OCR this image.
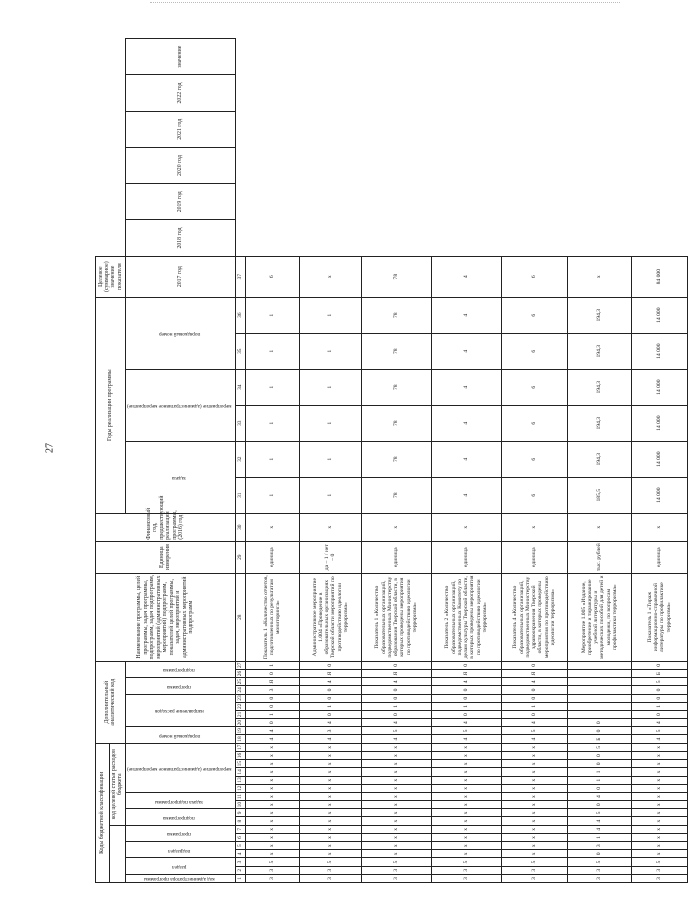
27
Коды бюджетной классификации																	Дополнительный аналитический код										Наименование программы, целей программы, задач программы, подпрограмм, задач подпрограмм, мероприятий (административных мероприятий) подпрограмм, показателей целей программы, задач, мероприятий и административных мероприятий подпрограмм	Единица измерения	Финансовый год, предшествующий реализации программы, (2016) год	Годы реализации программы						Целевое (суммарное) значение показателя						
							код целевой статьи расходов бюджета																																			
код администратора программы	раздел		подраздел		программа		подпрограмма		задача подпрограммы		мероприятие (административное мероприятие)						порядковый номер		направление расходов				программа		подпрограмма					задача		мероприятие (административное мероприятие)		порядковый номер		2017 год	2018 год	2019 год	2020 год	2021 год	2022 год	значение
1	2	3	4	5	6	7	8	9	10	11	12	13	14	15	16	17	18	19	20	21	22	23	24	25	26	27	28	29	30	31	32	33	34	35	36	37						
3	3	5	х	х	х	х	х	х	х	х	х	х	х	х	х	х	4	4	0	1	0	0	3	Я	0	1	Показатель 1 «Количество отчетов, подготовленных по результатам мониторинга»	единица	х	1	1	1	1	1	1	6						
3	3	5	х	х	х	х	х	х	х	х	х	х	х	х	х	х	4	3	4	0	1	0	0	4	Я	0	Административное мероприятие 1.004 «Проведение в образовательных организациях Тверской области мероприятий по противодействию идеологии терроризма»	да – 1 / нет – 0	х	1	1	1	1	1	1	х						
3	3	5	х	х	х	х	х	х	х	х	х	х	х	х	х	х	4	5	4	0	1	0	0	4	Я	0	Показатель 1 «Количество образовательных организаций, подведомственных Министерству образования Тверской области, в которых проведены мероприятия по противодействию идеологии терроризма»	единица	х	78	78	78	78	78	78	78						
3	3	5	х	х	х	х	х	х	х	х	х	х	х	х	х	х	4	5	4	0	1	0	0	4	Я	0	Показатель 2 «Количество образовательных организаций, подведомственных Комитету по делам культуры Тверской области, в которых проведены мероприятия по противодействию идеологии терроризма»	единица	х	4	4	4	4	4	4	4						
3	3	5	х	х	х	х	х	х	х	х	х	х	х	х	х	х	4	5	4	0	1	0	0	4	Я	0	Показатель 4 «Количество образовательных организаций, подведомственных Министерству здравоохранения Тверской области, в которых проведены мероприятия по противодействию идеологии терроризма»	единица	х	6	6	6	6	6	6	6						
3	3	5	0	3	1	4	4	5	0	4	0	1	1	0	0	5	Б	0	0								Мероприятие 1.005 «Издание, приобретение и тиражирование учебной литературы и методических пособий для детей и молодежи, по вопросам профилактики терроризма»	тыс. рублей	х	185,5	194,3	194,3	194,3	194,3	194,3	х						
3	3	5	х	х	х	х	х	х	х	х	х	х	х	х	х	х	4	5	4	0	1	0	0	5	Б	0	Показатель 1 «Тираж информационно-справочной литературы по профилактике терроризма»	единица	х	14 000	14 000	14 000	14 000	14 000	14 000	84 000						
